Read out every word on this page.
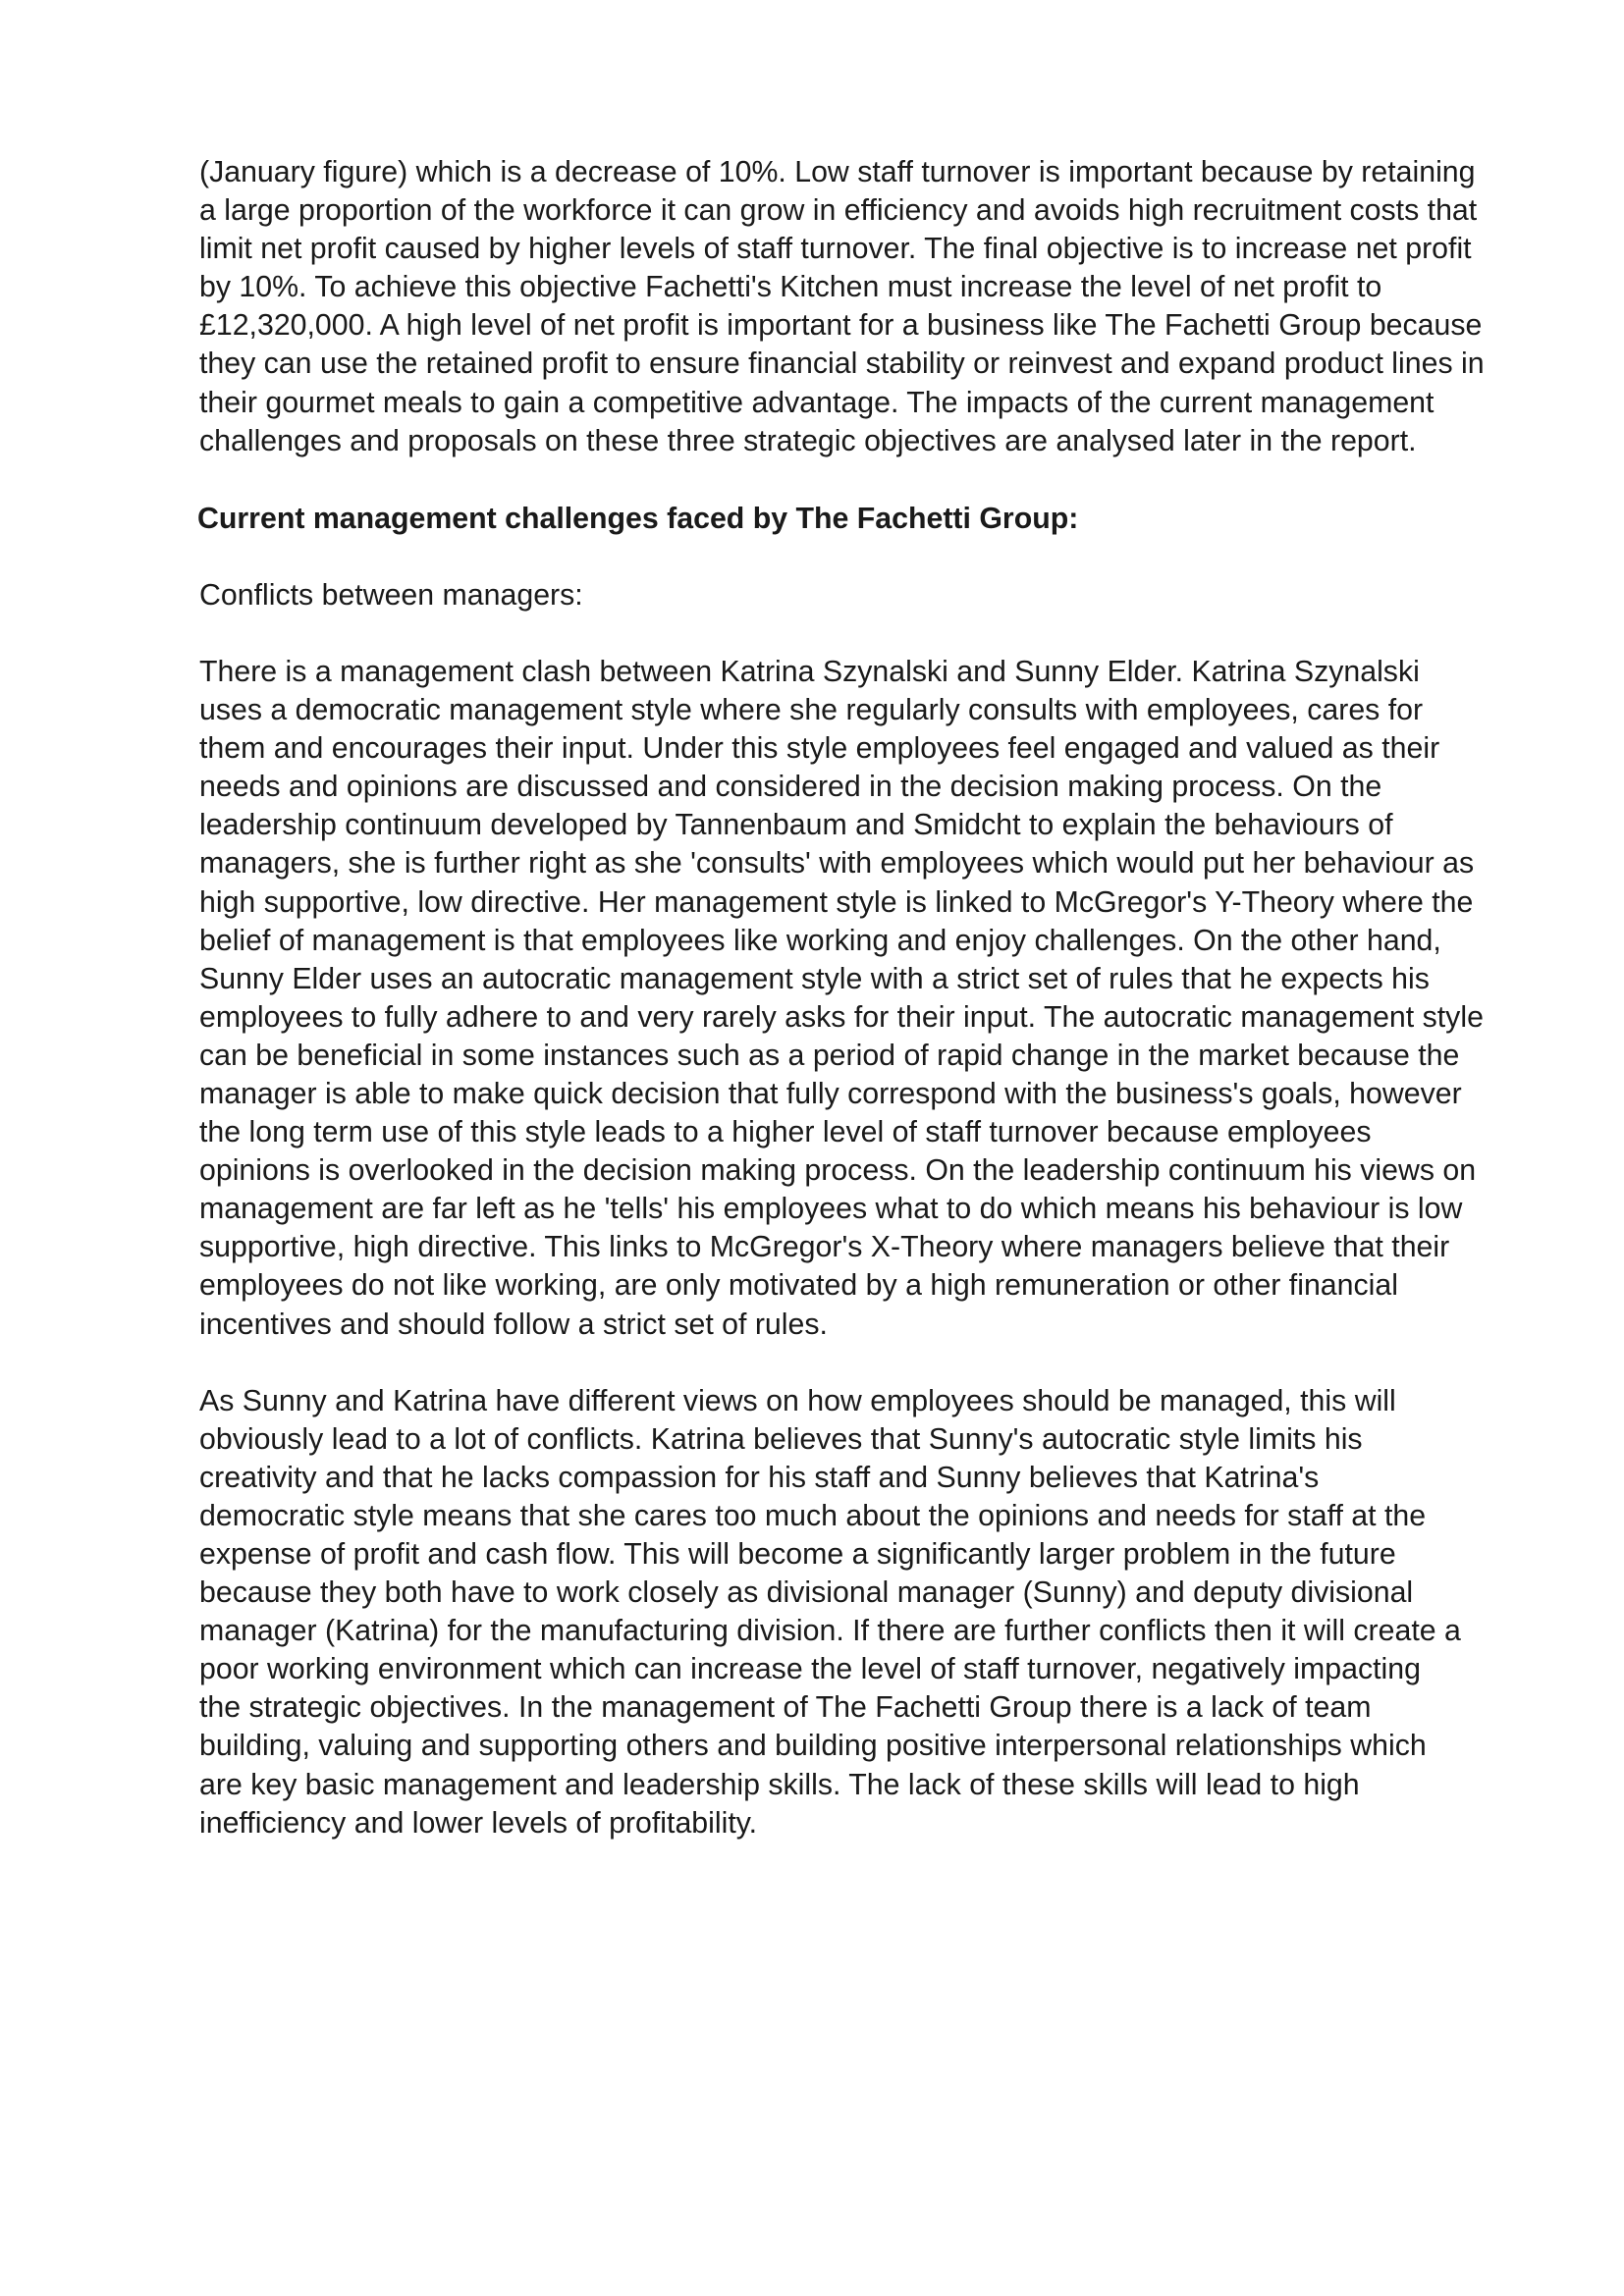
(January figure) which is a decrease of 10%. Low staff turnover is important because by retaining a large proportion of the workforce it can grow in efficiency and avoids high recruitment costs that limit net profit caused by higher levels of staff turnover. The final objective is to increase net profit by 10%. To achieve this objective Fachetti's Kitchen must increase the level of net profit to £12,320,000. A high level of net profit is important for a business like The Fachetti Group because they can use the retained profit to ensure financial stability or reinvest and expand product lines in their gourmet meals to gain a competitive advantage. The impacts of the current management challenges and proposals on these three strategic objectives are analysed later in the report.

Current management challenges faced by The Fachetti Group:

Conflicts between managers:

There is a management clash between Katrina Szynalski and Sunny Elder. Katrina Szynalski uses a democratic management style where she regularly consults with employees, cares for them and encourages their input. Under this style employees feel engaged and valued as their needs and opinions are discussed and considered in the decision making process. On the leadership continuum developed by Tannenbaum and Smidcht to explain the behaviours of managers, she is further right as she 'consults' with employees which would put her behaviour as high supportive, low directive. Her management style is linked to McGregor's Y-Theory where the belief of management is that employees like working and enjoy challenges. On the other hand, Sunny Elder uses an autocratic management style with a strict set of rules that he expects his employees to fully adhere to and very rarely asks for their input. The autocratic management style can be beneficial in some instances such as a period of rapid change in the market because the manager is able to make quick decision that fully correspond with the business's goals, however the long term use of this style leads to a higher level of staff turnover because employees opinions is overlooked in the decision making process. On the leadership continuum his views on management are far left as he 'tells' his employees what to do which means his behaviour is low supportive, high directive. This links to McGregor's X-Theory where managers believe that their employees do not like working, are only motivated by a high remuneration or other financial incentives and should follow a strict set of rules.

As Sunny and Katrina have different views on how employees should be managed, this will obviously lead to a lot of conflicts. Katrina believes that Sunny's autocratic style limits his creativity and that he lacks compassion for his staff and Sunny believes that Katrina's democratic style means that she cares too much about the opinions and needs for staff at the expense of profit and cash flow. This will become a significantly larger problem in the future because they both have to work closely as divisional manager (Sunny) and deputy divisional manager (Katrina) for the manufacturing division. If there are further conflicts then it will create a poor working environment which can increase the level of staff turnover, negatively impacting the strategic objectives. In the management of The Fachetti Group there is a lack of team building, valuing and supporting others and building positive interpersonal relationships which are key basic management and leadership skills. The lack of these skills will lead to high inefficiency and lower levels of profitability.
